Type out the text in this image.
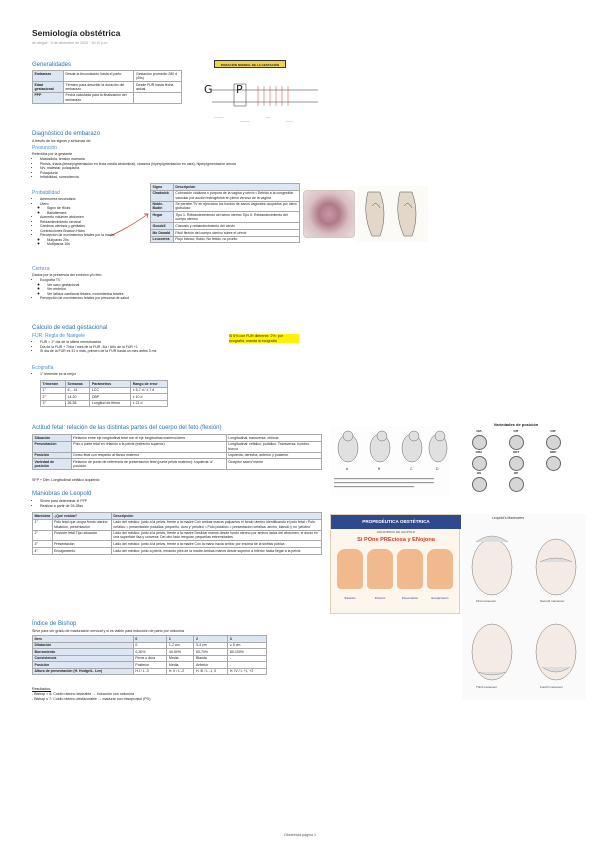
Semiología obstétrica
de abigail · 5 de diciembre de 2020 · 10:10 p.m.
Generalidades
Embarazo	Desde la fecundación hasta el parto	Gestación promedio 280 d (40s)
Edad gestacional	Término para describir la duración del embarazo	Desde FUR hasta fecha actual
FPP	Fecha calculada para la finalización del embarazo	
DURACIÓN NORMAL DE LA GESTACIÓN
————
————
——
———
G P
Diagnóstico de embarazo
A través de los signos y síntomas de:
Presunción
Referidos por la gestante
• Mastodinia, tensión mamaria
• Pirosis, tríada (tinea/pigmentación en línea media abdominal), cloasma (hiperpigmentación en cara), hiperpigmentación areola
• N/v, malestar, polaquiuria
• Polaquiuria
• Irritabilidad, somnolencia
Probabilidad
• Amenorrea secundaria
• Útero
◦ Signo de Hicks
◦ Ballottement
• Aumento volumen abdomen
• Reblandecimiento cervical
• Cambios uterinos y genitales
• Contracciones Braxton Hicks
• Percepción de movimientos fetales por la madre
◦ Nulíparas 20s
◦ Multíparas 16s
Certeza
Dados por la presencia del embrión y/o feto
• Ecografía TV
◦ Ver saco gestacional
◦ Ver embrión
◦ Ver latidos cardiacos fetales, movimientos fetales
• Percepción de movimientos fetales por personal de salud
Signo	Descripción
Chadwick	Coloración violácea o púrpura de la vagina y cérvix • Debido a la congestión vascular por acción estrogénica en plexo venoso de la vagina
Noble-Budín	Se percibe TV en ejercicios los fondos de sacos vaginales ocupados por útero globuloso
Hegar	Tipo 1: Reblandecimiento del istmo uterino Tipo II: Reblandecimiento del cuerpo uterino
Goodell	Cianosis y reblandecimiento del cérvix
Mc Donald	Fácil flexión del cuerpo uterino sobre el cérvix
Leucorrea	Flujo blanco, fluido, No fétido, no prurito
Cálculo de edad gestacional
FUR: Regla de Naegele
• FUR = 1° día de la última menstruación
• Día de la FUR + 7/día / mes de la FUR -3/a / Año de la FUR +1
• Si día de la FUR es 31 o más, primero de la FUR hasta un mes antes 3 ms
Si 5% con FUR diferente: 2%: por ecografía, manda la ecografía
Ecografía
• 1° trimestre es la mejor
Trimestre	Semanas	Parámetros	Rango de error
1°	6 – 14	LCC	± 5-7 d / ± 7 d
2°	14-20	DBP	± 10 d
3°	26-36	Longitud de fémur	± 21 d
Actitud fetal: relación de las distintas partes del cuerpo del feto (flexión)
Situación	Relación entre eje longitudinal fetal con el eje longitudinal materno/útero	Longitudinal, transversa, oblicua
Presentación	Polo o parte fetal en relación a la pelvis (estrecho superior)	Longitudinal: cefálico, podálico. Transversa: hombro, tronco
Posición	Dorso fetal con respecto al flanco materno	Izquierda, derecha, anterior y posterior
Variedad de posición	Relación de punto de referencia de presentación fetal (punta pélvis materno): Izquierda 'a' posición	Occipito/ sacro/ mento
SFP + Dim: Longitudinal cefálico izquierdo
A	B	C	D
Variedades de posición
OIA	OIT	OIP
ODA	ODT	ODP
OS	OP
Maniobras de Leopold
• Sirven para determinar el PFP
• Realizar a partir de 26-28ss
Maniobra	¿Qué evalúa?	Descripción
1°	Polo fetal que ocupa fondo uterino: situación, presentación	Lado del médico: junto a la pelvis, frente a la madre Con ambas manos palpamos el fondo uterino identificando el polo fetal • Polo cefálico = presentación podálica: pequeño, duro y 'peloteo' • Polo podálico = presentación cefálica: ancho, blando y no 'peloteo'
2°	Posición fetal Tipo situación	Lado del médico: junto a la pelvis, frente a la madre Deslizar manos desde fondo uterino por ambos lados del abdomen, el dorso en una superficie lisa y convexa; Del otro lado irregular, pequeñas extremidades
3°	Presentación	Lado del médico: junto a la pelvis, frente a la madre Con la mano hacia arriba; por encima de la sínfisis púbica
4°	Encajamiento	Lado del médico: junto a pelvis, mirando pies de la madre Ambas manos desde superior a inferior hasta llegar a la pelvis
PROPEDÉUTICA OBSTÉTRICA
MANIOBRAS DE LEOPOLD
Si POne PREciosa y ENojona
Situación	Posición	Presentación	Encajamiento
Leopold's Maneuvers
First maneuver	Second maneuver
Third maneuver	Fourth maneuver
Índice de Bishop
Sirve para ver grado de maduración cervical y si es viable para inducción de parto por oxitocina
Ítem	0	1	2	3
Dilatación	0	1-2 cm	3-4 cm	≥ 5 cm
Borramiento	0-30%	40-50%	60-70%	80-100%
Consistencia	Firme o dura	Media	Blanda	-
Posición	Posterior	Media	Anterior	-
Altura de presentación (H. Hodge/L. Lee)	H.I / L -3	H. II / L -2	H. III / L -1, 0	H. IV / L +1, +2
Resultados:
- Bishop > 8: Cuello uterino favorable → inducción con oxitocina
- Bishop ≤ 7: Cuello uterino desfavorable → madurar con misoprostol (PG)
Obstetricia página 1
